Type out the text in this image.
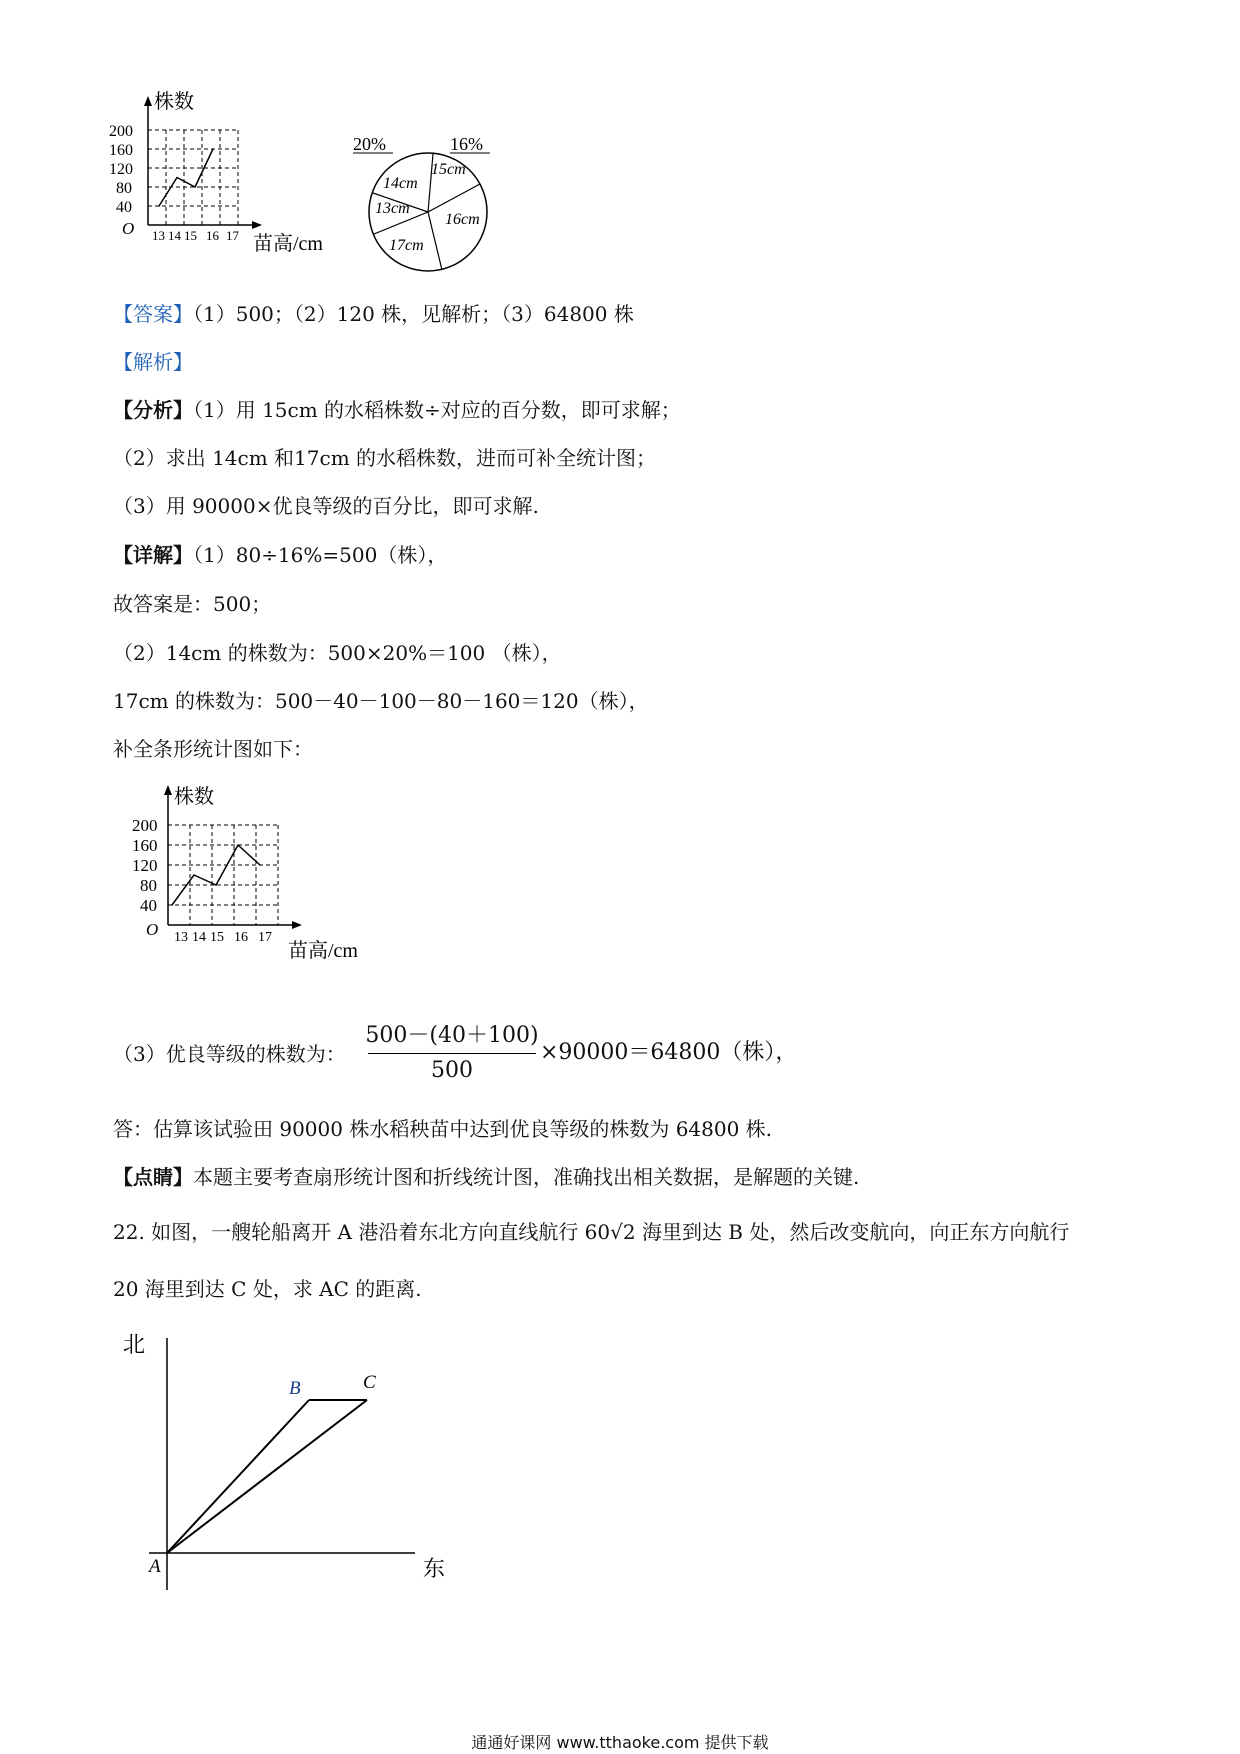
株数
O
200
160
120
80
40
13 14 15 16 17 苗高/cm
20%	16%
13cm
14cm
15cm
16cm
17cm
【答案】（1）500；（2）120 株，见解析；（3）64800 株
【解析】
【分析】（1）用 15cm 的水稻株数÷对应的百分数，即可求解；
（2）求出 14cm 和17cm 的水稻株数，进而可补全统计图；
（3）用 90000×优良等级的百分比，即可求解.
【详解】（1）80÷16%=500（株），
故答案是：500；
（2）14cm 的株数为：500×20%＝100 （株），
17cm 的株数为：500－40－100－80－160＝120（株），
补全条形统计图如下：
株数
O
200
160
120
80
40
13 14 15 16 17
苗高/cm
（3）优良等级的株数为：
500－(40＋100)
500
×90000＝64800（株），
答：估算该试验田 90000 株水稻秧苗中达到优良等级的株数为 64800 株.
【点睛】本题主要考查扇形统计图和折线统计图，准确找出相关数据，是解题的关键.
22. 如图，一艘轮船离开 A 港沿着东北方向直线航行 60√2 海里到达 B 处，然后改变航向，向正东方向航行
20 海里到达 C 处，求 AC 的距离.
北
东
A
B	C
通通好课网 www.tthaoke.com 提供下载
